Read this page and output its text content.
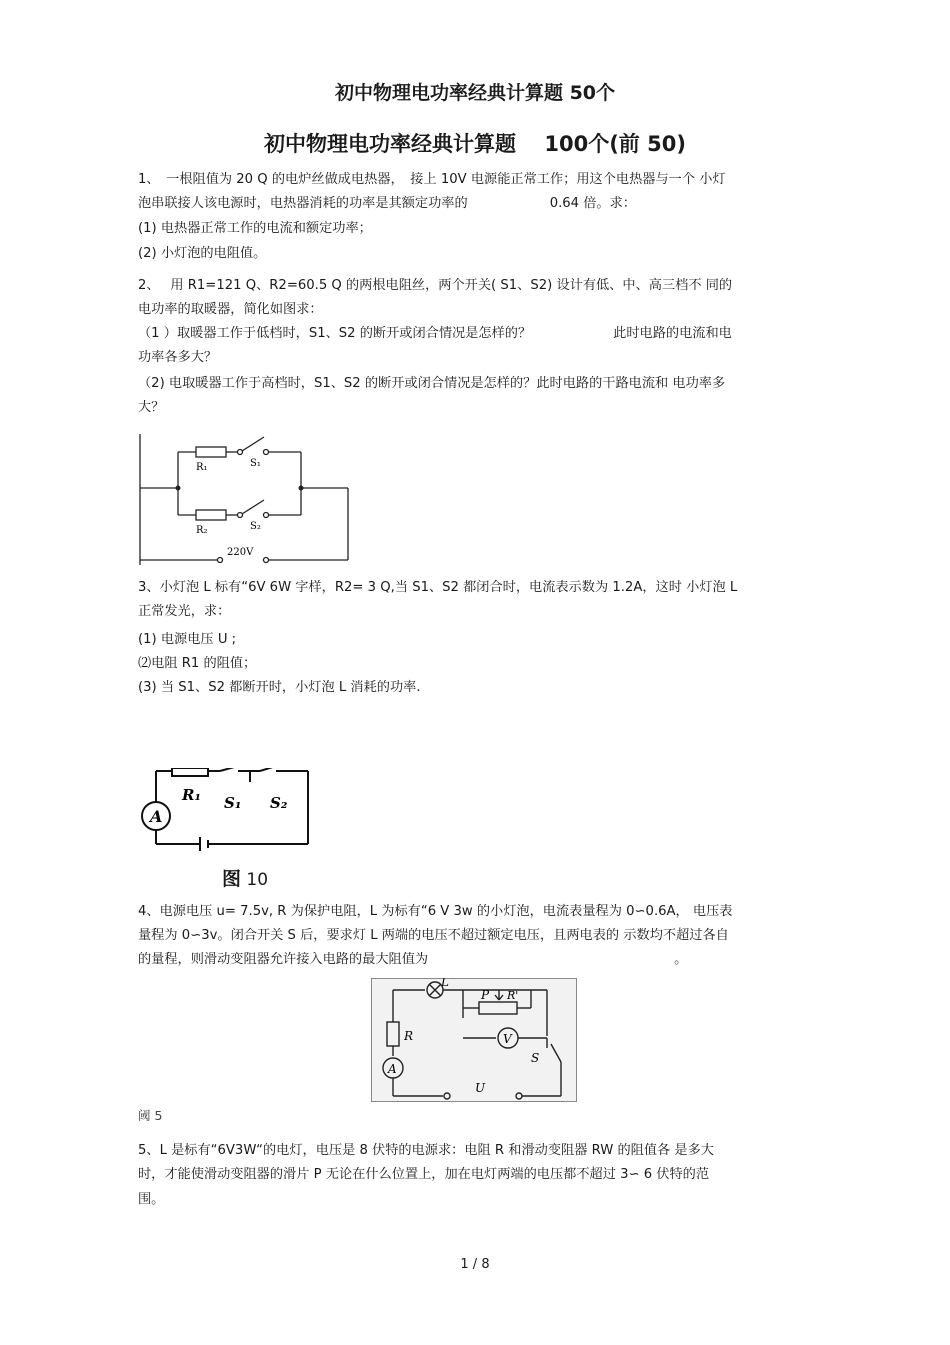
初中物理电功率经典计算题 50个
初中物理电功率经典计算题　 100个(前 50)
1、　一根阻值为 20 Q 的电炉丝做成电热器，　接上 10V 电源能正常工作；用这个电热器与一个 小灯
泡串联接人该电源时，电热器消耗的功率是其额定功率的	0.64 倍。求：
(1) 电热器正常工作的电流和额定功率；
(2) 小灯泡的电阻值。
2、　 用 R1=121 Q、R2=60.5 Q 的两根电阻丝，两个开关( S1、S2) 设计有低、中、高三档不 同的
电功率的取暖器，简化如图求：
（1 ）取暖器工作于低档时，S1、S2 的断开或闭合情况是怎样的？	此时电路的电流和电
功率各多大？
（2) 电取暖器工作于高档时，S1、S2 的断开或闭合情况是怎样的？此时电路的干路电流和 电功率多
大？
R₁	S₁
R₂	S₂
220V
3、小灯泡 L 标有“6V 6W 字样，R2= 3 Q,当 S1、S2 都闭合时，电流表示数为 1.2A，这时 小灯泡 L
正常发光，求：
(1) 电源电压 U ;
⑵电阻 R1 的阻值；
(3) 当 S1、S2 都断开时，小灯泡 L 消耗的功率.
A
R₁ S₁ S₂
图 10
4、电源电压 u= 7.5v, R 为保护电阻，L 为标有“6 V 3w 的小灯泡，电流表量程为 0∽0.6A， 电压表
量程为 0∽3v。闭合开关 S 后，要求灯 L 两端的电压不超过额定电压，且两电表的 示数均不超过各自
的量程，则滑动变阻器允许接入电路的最大阻值为	。
L
P R'
R	V
A
S
U
阈 5
5、L 是标有“6V3W“的电灯，电压是 8 伏特的电源求：电阻 R 和滑动变阻器 RW 的阻值各 是多大
时，才能使滑动变阻器的滑片 P 无论在什么位置上，加在电灯两端的电压都不超过 3∽ 6 伏特的范
围。
1 / 8
